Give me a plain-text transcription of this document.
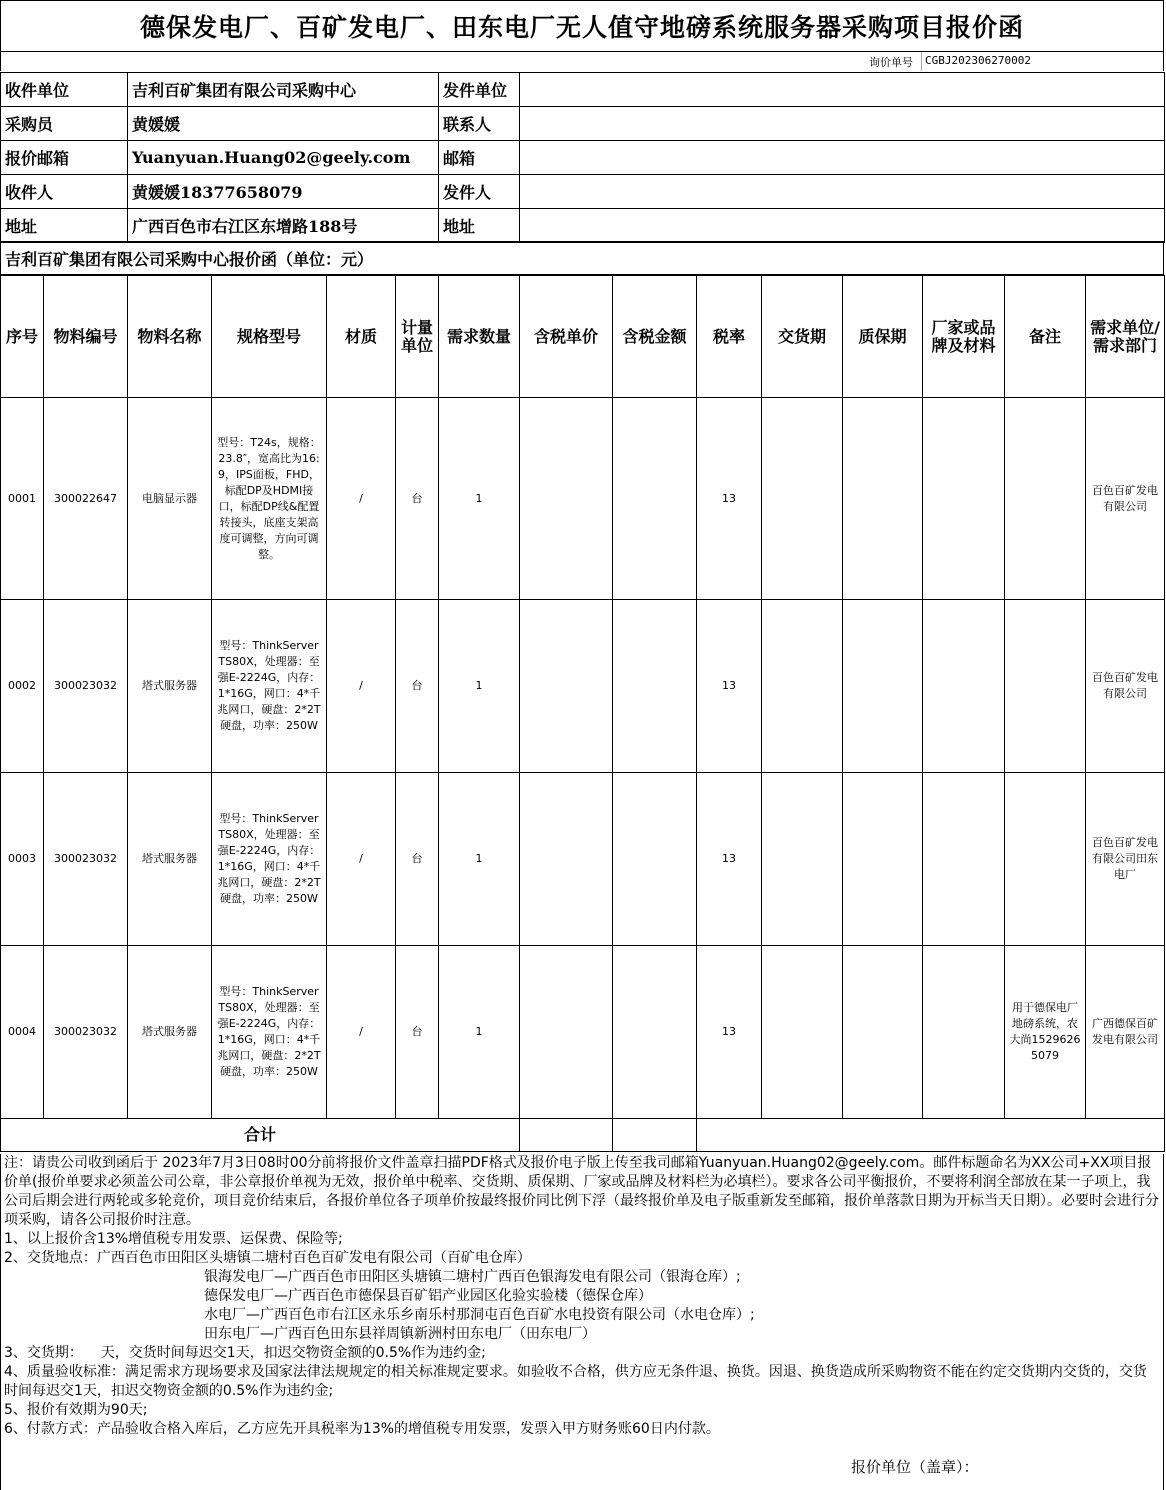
德保发电厂、百矿发电厂、田东电厂无人值守地磅系统服务器采购项目报价函
询价单号 CGBJ202306270002
收件单位	吉利百矿集团有限公司采购中心	发件单位	
采购员	黄媛媛	联系人	
报价邮箱	Yuanyuan.Huang02@geely.com	邮箱	
收件人	黄媛媛18377658079	发件人	
地址	广西百色市右江区东增路188号	地址	
吉利百矿集团有限公司采购中心报价函（单位：元）
序号	物料编号	物料名称	规格型号	材质	计量单位	需求数量	含税单价	含税金额	税率	交货期	质保期	厂家或品牌及材料	备注	需求单位/需求部门
0001	300022647	电脑显示器	型号：T24s，规格：23.8″，宽高比为16:9，IPS面板，FHD，标配DP及HDMI接口，标配DP线&配置转接头，底座支架高度可调整，方向可调整。	/	台	1			13					百色百矿发电有限公司
0002	300023032	塔式服务器	型号：ThinkServer TS80X，处理器：至强E-2224G，内存：1*16G，网口：4*千兆网口，硬盘：2*2T硬盘，功率：250W	/	台	1			13					百色百矿发电有限公司
0003	300023032	塔式服务器	型号：ThinkServer TS80X，处理器：至强E-2224G，内存：1*16G，网口：4*千兆网口，硬盘：2*2T硬盘，功率：250W	/	台	1			13					百色百矿发电有限公司田东电厂
0004	300023032	塔式服务器	型号：ThinkServer TS80X，处理器：至强E-2224G，内存：1*16G，网口：4*千兆网口，硬盘：2*2T硬盘，功率：250W	/	台	1			13				用于德保电厂地磅系统，农大尚15296265079	广西德保百矿发电有限公司
合计														

注：请贵公司收到函后于 2023年7月3日08时00分前将报价文件盖章扫描PDF格式及报价电子版上传至我司邮箱Yuanyuan.Huang02@geely.com。邮件标题命名为XX公司+XX项目报价单(报价单要求必须盖公司公章，非公章报价单视为无效，报价单中税率、交货期、质保期、厂家或品牌及材料栏为必填栏）。要求各公司平衡报价，不要将利润全部放在某一子项上，我公司后期会进行两轮或多轮竞价，项目竞价结束后，各报价单位各子项单价按最终报价同比例下浮（最终报价单及电子版重新发至邮箱，报价单落款日期为开标当天日期）。必要时会进行分项采购，请各公司报价时注意。

1、以上报价含13%增值税专用发票、运保费、保险等;

2、交货地点：广西百色市田阳区头塘镇二塘村百色百矿发电有限公司（百矿电仓库）

银海发电厂—广西百色市田阳区头塘镇二塘村广西百色银海发电有限公司（银海仓库）;

德保发电厂—广西百色市德保县百矿铝产业园区化验实验楼（德保仓库）

水电厂—广西百色市右江区永乐乡南乐村那洞屯百色百矿水电投资有限公司（水电仓库）;

田东电厂—广西百色田东县祥周镇新洲村田东电厂（田东电厂）

3、交货期：    天，交货时间每迟交1天，扣迟交物资金额的0.5%作为违约金;

4、质量验收标准：满足需求方现场要求及国家法律法规规定的相关标准规定要求。如验收不合格，供方应无条件退、换货。因退、换货造成所采购物资不能在约定交货期内交货的，交货时间每迟交1天，扣迟交物资金额的0.5%作为违约金;

5、报价有效期为90天;

6、付款方式：产品验收合格入库后，乙方应先开具税率为13%的增值税专用发票，发票入甲方财务账60日内付款。

报价单位（盖章）：
